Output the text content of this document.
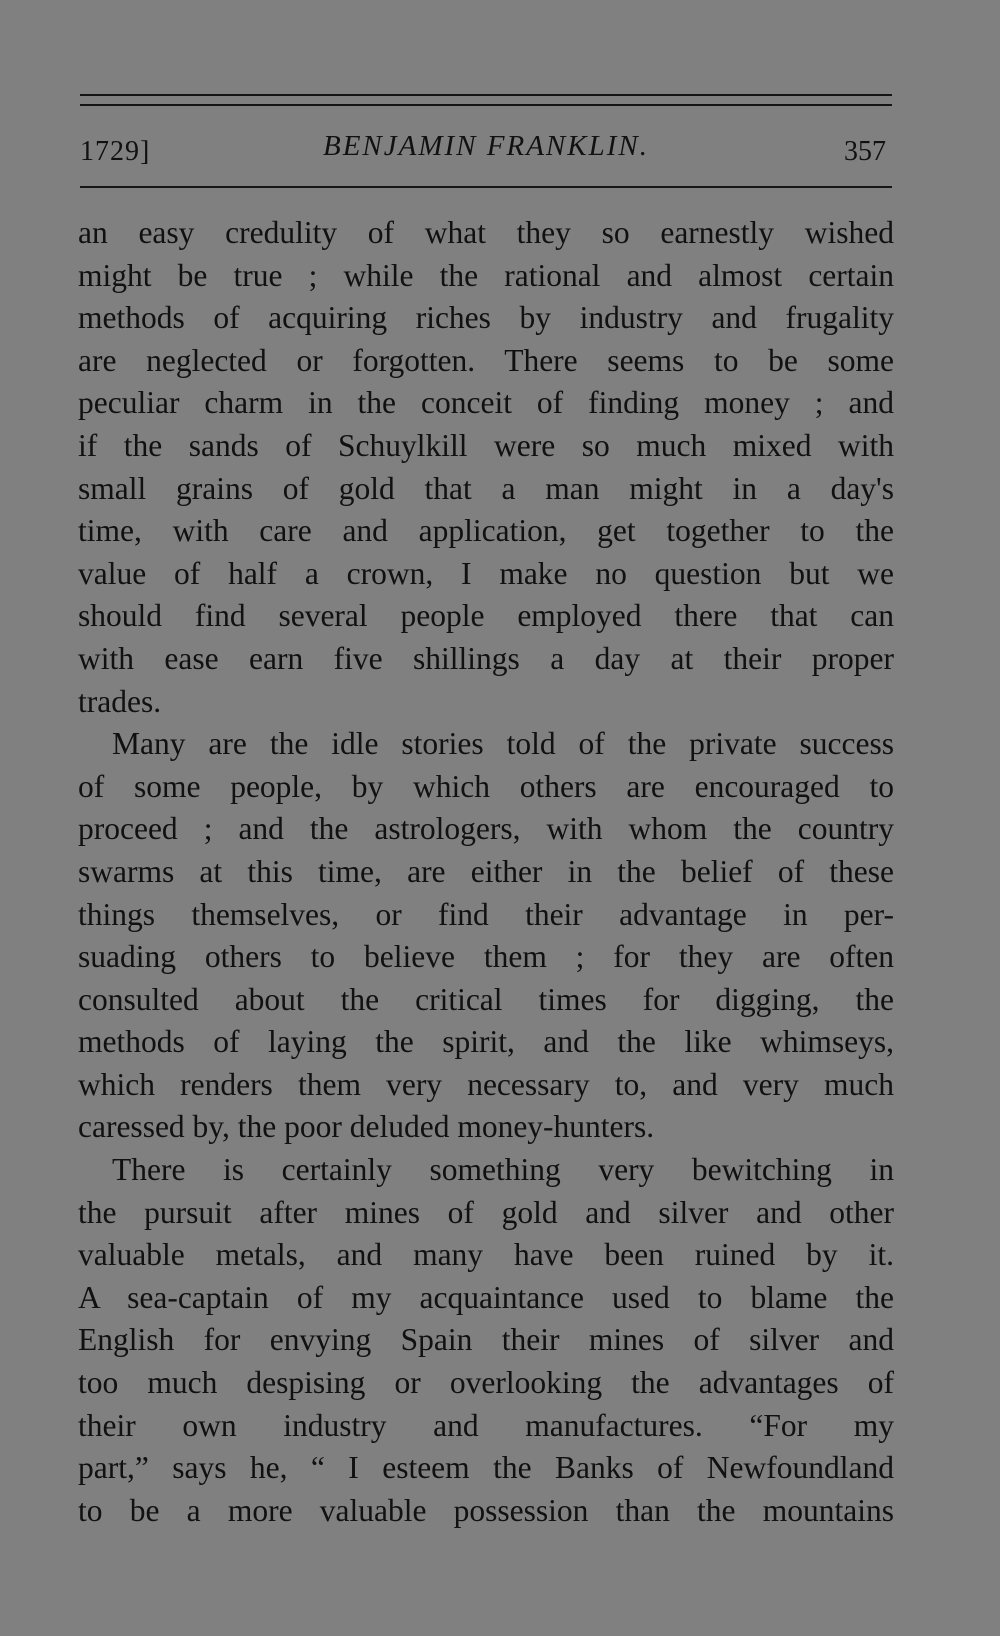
1729]	BENJAMIN FRANKLIN.	357
an easy credulity of what they so earnestly wished
might be true ; while the rational and almost certain
methods of acquiring riches by industry and frugality
are neglected or forgotten. There seems to be some
peculiar charm in the conceit of finding money ; and
if the sands of Schuylkill were so much mixed with
small grains of gold that a man might in a day's
time, with care and application, get together to the
value of half a crown, I make no question but we
should find several people employed there that can
with ease earn five shillings a day at their proper
trades.
Many are the idle stories told of the private success
of some people, by which others are encouraged to
proceed ; and the astrologers, with whom the country
swarms at this time, are either in the belief of these
things themselves, or find their advantage in per-
suading others to believe them ; for they are often
consulted about the critical times for digging, the
methods of laying the spirit, and the like whimseys,
which renders them very necessary to, and very much
caressed by, the poor deluded money-hunters.
There is certainly something very bewitching in
the pursuit after mines of gold and silver and other
valuable metals, and many have been ruined by it.
A sea-captain of my acquaintance used to blame the
English for envying Spain their mines of silver and
too much despising or overlooking the advantages of
their own industry and manufactures. “For my
part,” says he, “ I esteem the Banks of Newfoundland
to be a more valuable possession than the mountains
